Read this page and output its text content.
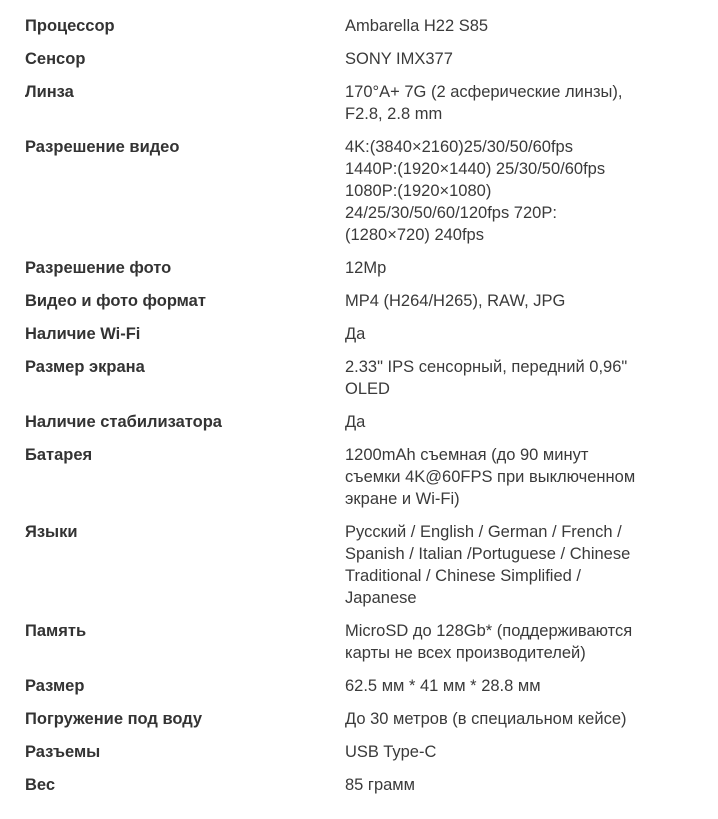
Процессор	Ambarella H22 S85
Сенсор	SONY IMX377
Линза	170°A+ 7G (2 асферические линзы),
F2.8, 2.8 mm
Разрешение видео	4K:(3840×2160)25/30/50/60fps
1440P:(1920×1440) 25/30/50/60fps
1080P:(1920×1080)
24/25/30/50/60/120fps 720P:
(1280×720) 240fps
Разрешение фото	12Mp
Видео и фото формат	MP4 (H264/H265), RAW, JPG
Наличие Wi-Fi	Да
Размер экрана	2.33" IPS сенсорный, передний 0,96"
OLED
Наличие стабилизатора	Да
Батарея	1200mAh съемная (до 90 минут
съемки 4K@60FPS при выключенном
экране и Wi-Fi)
Языки	Русский / English / German / French /
Spanish / Italian /Portuguese / Chinese
Traditional / Chinese Simplified /
Japanese
Память	MicroSD до 128Gb* (поддерживаются
карты не всех производителей)
Размер	62.5 мм * 41 мм * 28.8 мм
Погружение под воду	До 30 метров (в специальном кейсе)
Разъемы	USB Type-C
Вес	85 грамм
